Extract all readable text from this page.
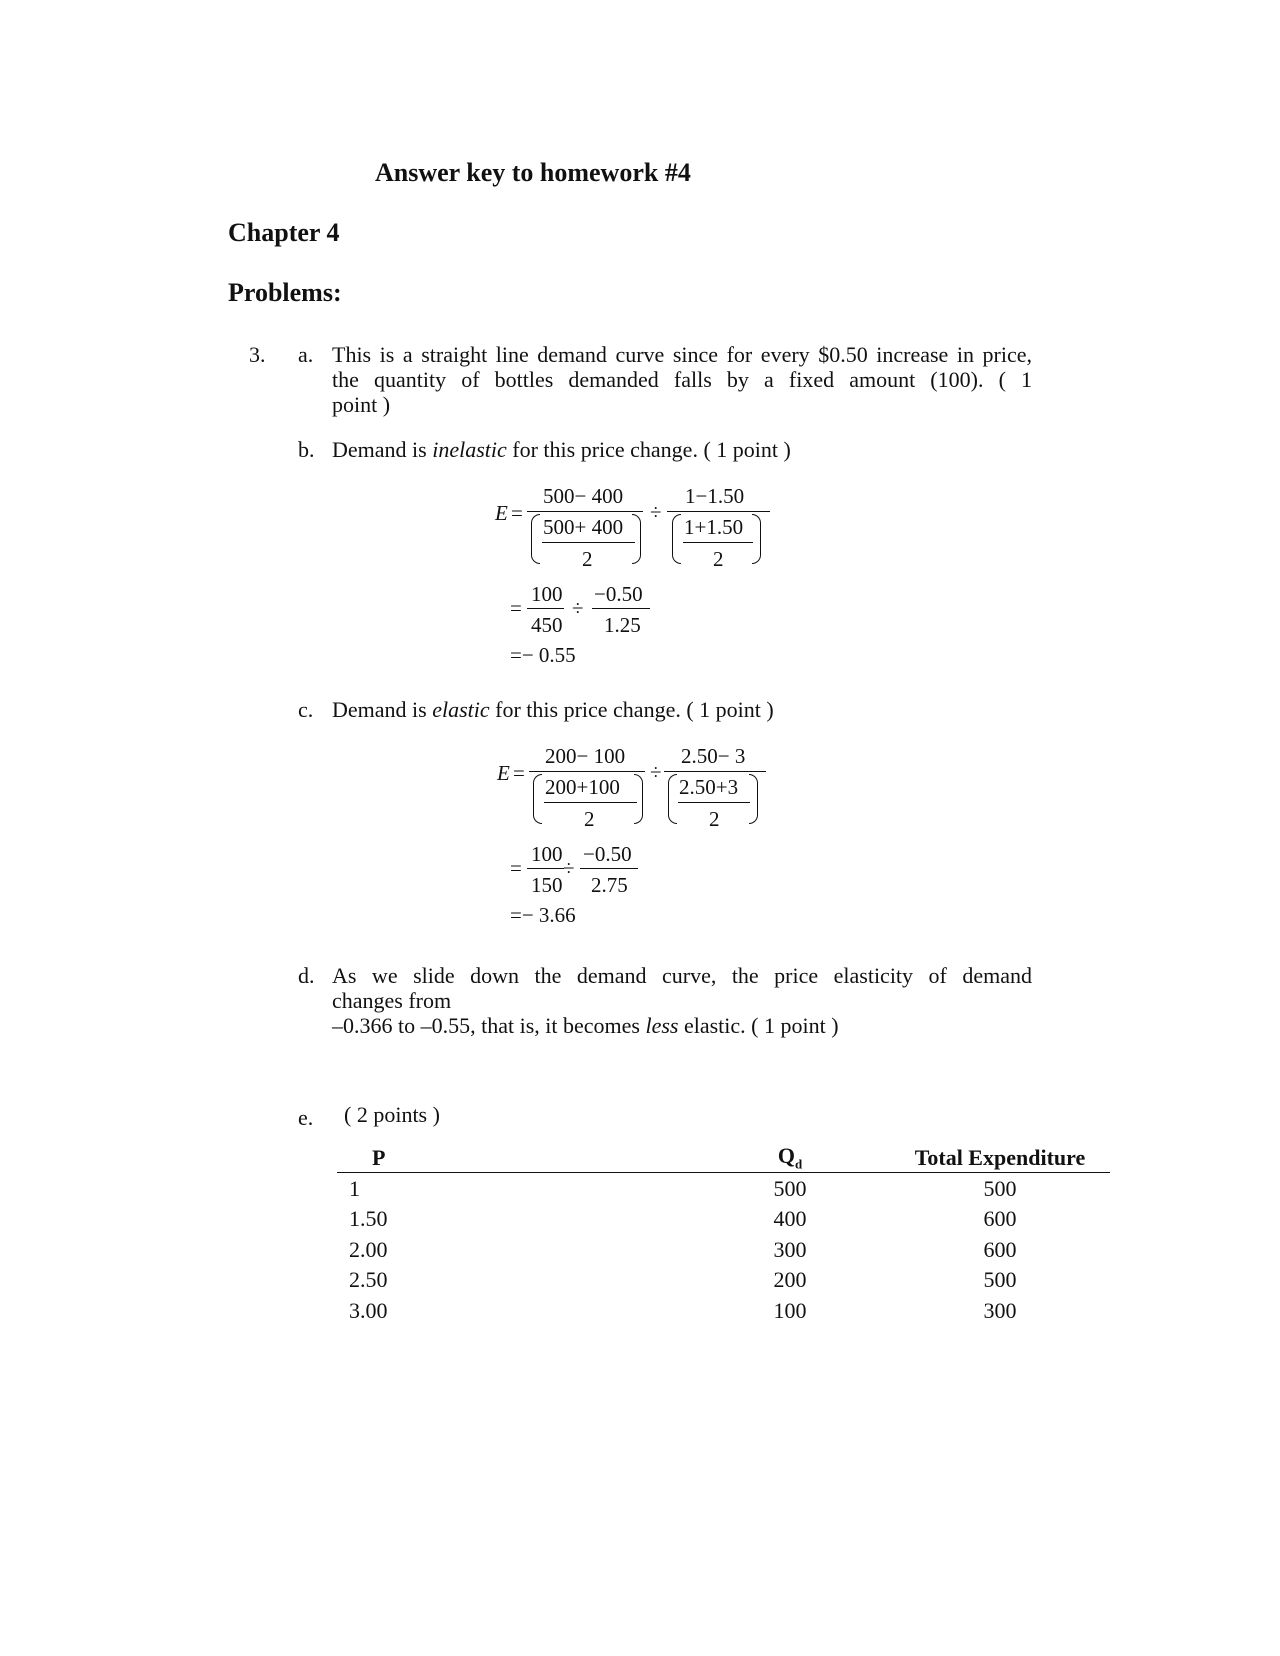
Answer key to homework #4
Chapter 4
Problems:
3. a. This is a straight line demand curve since for every $0.50 increase in price,
the quantity of bottles demanded falls by a fixed amount (100). ( 1
point )
b. Demand is inelastic for this price change. ( 1 point )
E =
500− 400
500+ 400
2
÷
1−1.50
1+1.50
2
=
100
450
÷
−0.50
1.25
=− 0.55
c. Demand is elastic for this price change. ( 1 point )
E =
200− 100
200+100
2
÷
2.50− 3
2.50+3
2
=
100
150
÷
−0.50
2.75
=− 3.66
d. As we slide down the demand curve, the price elasticity of demand
changes from
–0.366 to –0.55, that is, it becomes less elastic. ( 1 point )
e. ( 2 points )
P	$Q_d$	Total Expenditure
1	500	500
1.50	400	600
2.00	300	600
2.50	200	500
3.00	100	300
